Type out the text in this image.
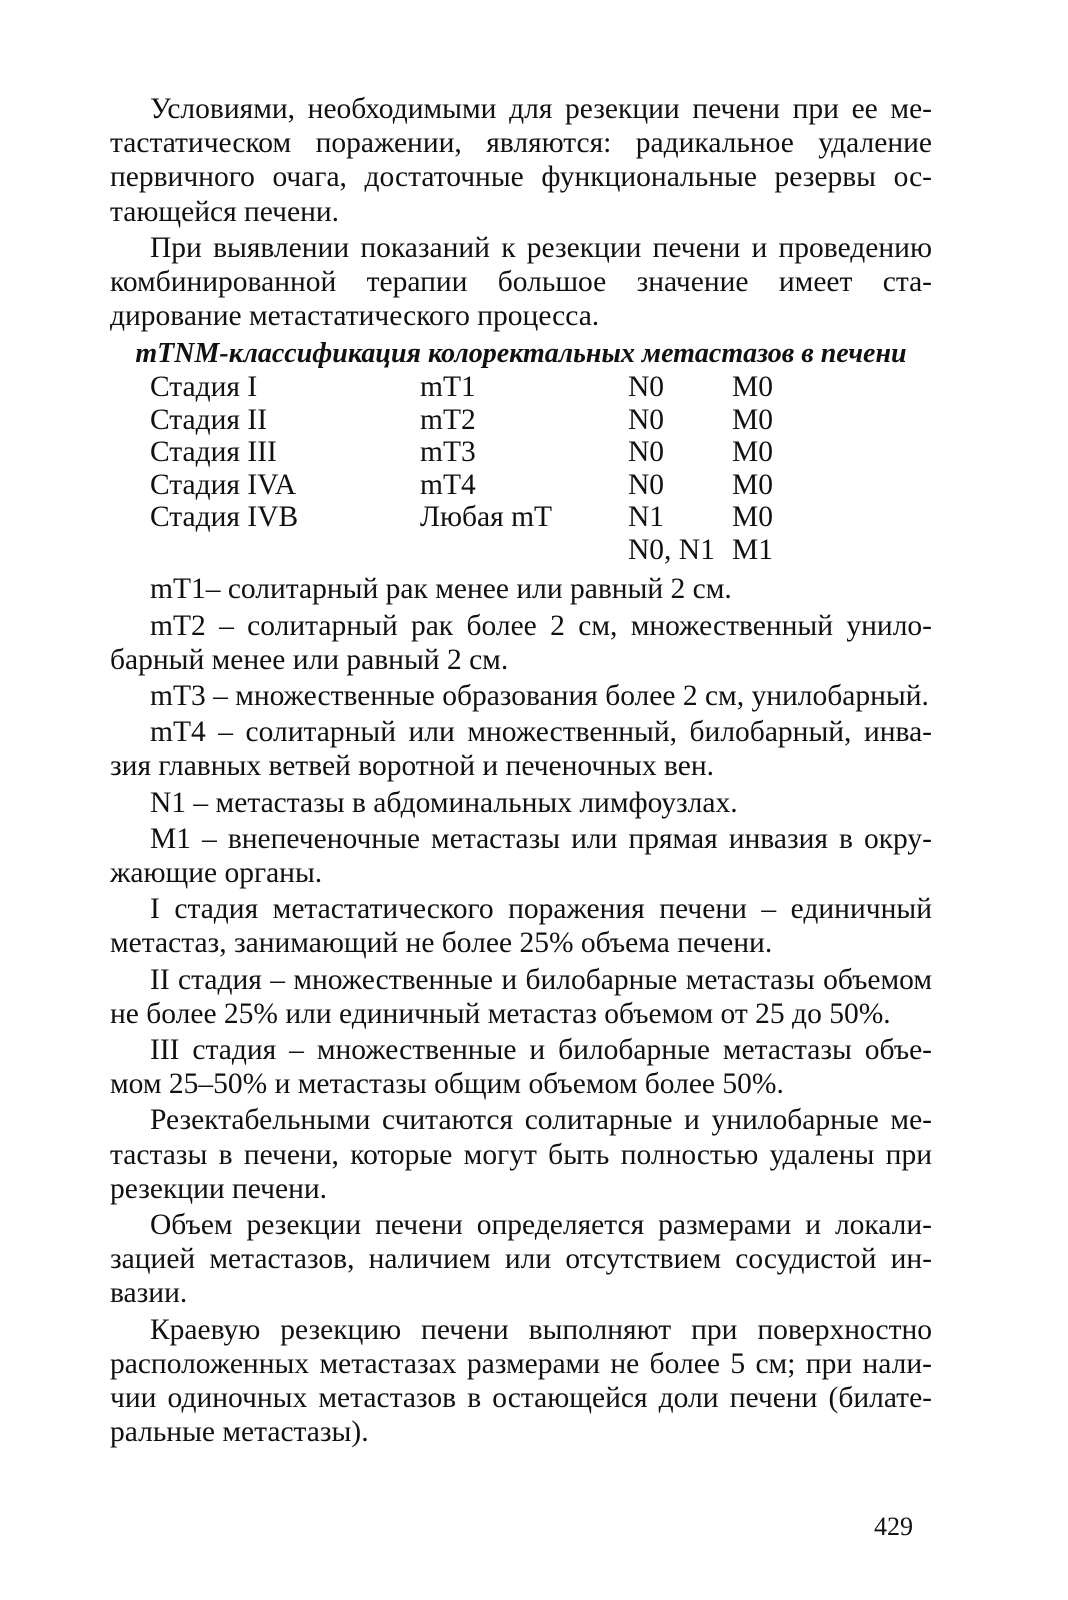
Условиями, необходимыми для резекции печени при ее метастатическом поражении, являются: радикальное удаление первичного очага, достаточные функциональные резервы остающейся печени.

При выявлении показаний к резекции печени и проведению комбинированной терапии большое значение имеет стадирование метастатического процесса.

mTNM-классификация колоректальных метастазов в печени

Стадия I	mT1	N0	M0
Стадия II	mT2	N0	M0
Стадия III	mT3	N0	M0
Стадия IVA	mT4	N0	M0
Стадия IVB	Любая mT	N1	M0
		N0, N1	M1

mT1– солитарный рак менее или равный 2 см.

mT2 – солитарный рак более 2 см, множественный унилобарный менее или равный 2 см.

mT3 – множественные образования более 2 см, унилобарный.

mT4 – солитарный или множественный, билобарный, инвазия главных ветвей воротной и печеночных вен.

N1 – метастазы в абдоминальных лимфоузлах.

M1 – внепеченочные метастазы или прямая инвазия в окружающие органы.

I стадия метастатического поражения печени – единичный метастаз, занимающий не более 25% объема печени.

II стадия – множественные и билобарные метастазы объемом не более 25% или единичный метастаз объемом от 25 до 50%.

III стадия – множественные и билобарные метастазы объемом 25–50% и метастазы общим объемом более 50%.

Резектабельными считаются солитарные и унилобарные метастазы в печени, которые могут быть полностью удалены при резекции печени.

Объем резекции печени определяется размерами и локализацией метастазов, наличием или отсутствием сосудистой инвазии.

Краевую резекцию печени выполняют при поверхностно расположенных метастазах размерами не более 5 см; при наличии одиночных метастазов в остающейся доли печени (билатеральные метастазы).

429
